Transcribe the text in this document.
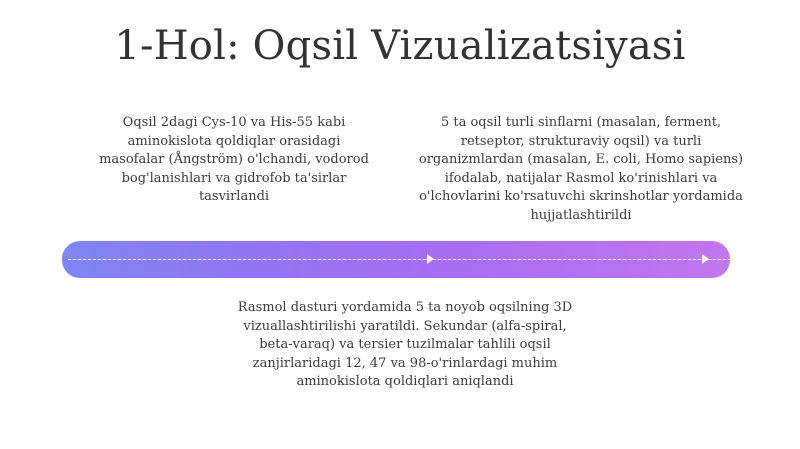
1-Hol: Oqsil Vizualizatsiyasi
Oqsil 2dagi Cys-10 va His-55 kabi aminokislota qoldiqlar orasidagi masofalar (Ångström) o'lchandi, vodorod bog'lanishlari va gidrofob ta'sirlar tasvirlandi
5 ta oqsil turli sinflarni (masalan, ferment, retseptor, strukturaviy oqsil) va turli organizmlardan (masalan, E. coli, Homo sapiens) ifodalab, natijalar Rasmol ko'rinishlari va o'lchovlarini ko'rsatuvchi skrinshotlar yordamida hujjatlashtirildi
Rasmol dasturi yordamida 5 ta noyob oqsilning 3D vizuallashtirilishi yaratildi. Sekundar (alfa-spiral, beta-varaq) va tersier tuzilmalar tahlili oqsil zanjirlaridagi 12, 47 va 98-o'rinlardagi muhim aminokislota qoldiqlari aniqlandi
